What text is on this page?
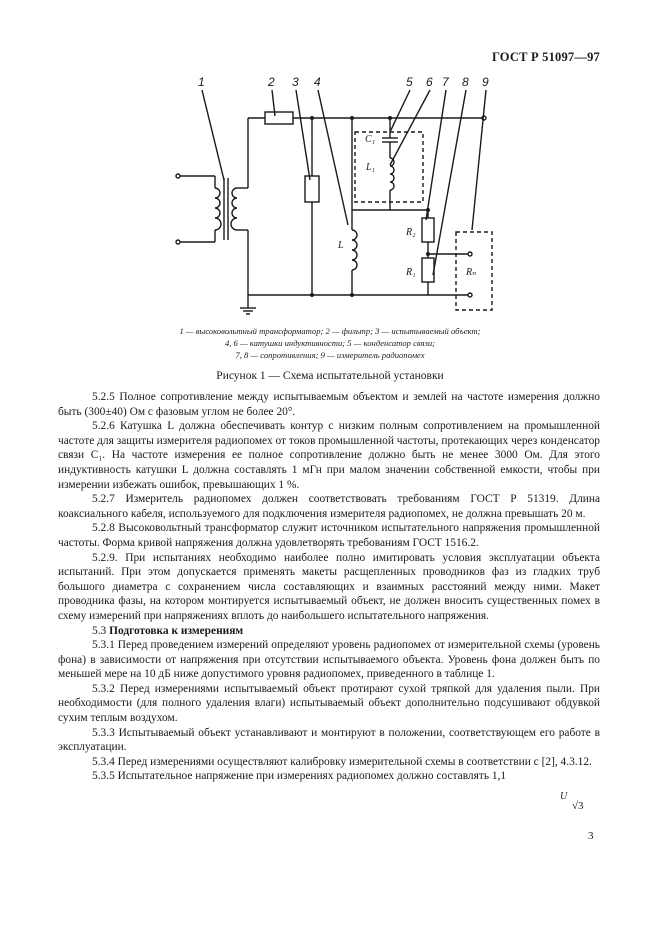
ГОСТ Р 51097—97
1	2 3 4	5 6 7 8 9
C₁
L₁
L
R₂
R₁	Rₙ
1 — высоковольтный трансформатор; 2 — фильтр; 3 — испытываемый объект;
4, 6 — катушки индуктивности; 5 — конденсатор связи;
7, 8 — сопротивления; 9 — измеритель радиопомех
Рисунок 1 — Схема испытательной установки

5.2.5 Полное сопротивление между испытываемым объектом и землей на частоте измерения должно быть (300±40) Ом с фазовым углом не более 20°.

5.2.6 Катушка L должна обеспечивать контур с низким полным сопротивлением на промышленной частоте для защиты измерителя радиопомех от токов промышленной частоты, протекающих через конденсатор связи C₁. На частоте измерения ее полное сопротивление должно быть не менее 3000 Ом. Для этого индуктивность катушки L должна составлять 1 мГн при малом значении собственной емкости, чтобы при измерении избежать ошибок, превышающих 1 %.

5.2.7 Измеритель радиопомех должен соответствовать требованиям ГОСТ Р 51319. Длина коаксиального кабеля, используемого для подключения измерителя радиопомех, не должна превышать 20 м.

5.2.8 Высоковольтный трансформатор служит источником испытательного напряжения промышленной частоты. Форма кривой напряжения должна удовлетворять требованиям ГОСТ 1516.2.

5.2.9. При испытаниях необходимо наиболее полно имитировать условия эксплуатации объекта испытаний. При этом допускается применять макеты расщепленных проводников фаз из гладких труб большого диаметра с сохранением числа составляющих и взаимных расстояний между ними. Макет проводника фазы, на котором монтируется испытываемый объект, не должен вносить существенных помех в схему измерений при напряжениях вплоть до наибольшего испытательного напряжения.

5.3 Подготовка к измерениям

5.3.1 Перед проведением измерений определяют уровень радиопомех от измерительной схемы (уровень фона) в зависимости от напряжения при отсутствии испытываемого объекта. Уровень фона должен быть по меньшей мере на 10 дБ ниже допустимого уровня радиопомех, приведенного в таблице 1.

5.3.2 Перед измерениями испытываемый объект протирают сухой тряпкой для удаления пыли. При необходимости (для полного удаления влаги) испытываемый объект дополнительно подсушивают обдувкой сухим теплым воздухом.

5.3.3 Испытываемый объект устанавливают и монтируют в положении, соответствующем его работе в эксплуатации.

5.3.4 Перед измерениями осуществляют калибровку измерительной схемы в соответствии с [2], 4.3.12.

5.3.5 Испытательное напряжение при измерениях радиопомех должно составлять 1,1

U
√3
3
